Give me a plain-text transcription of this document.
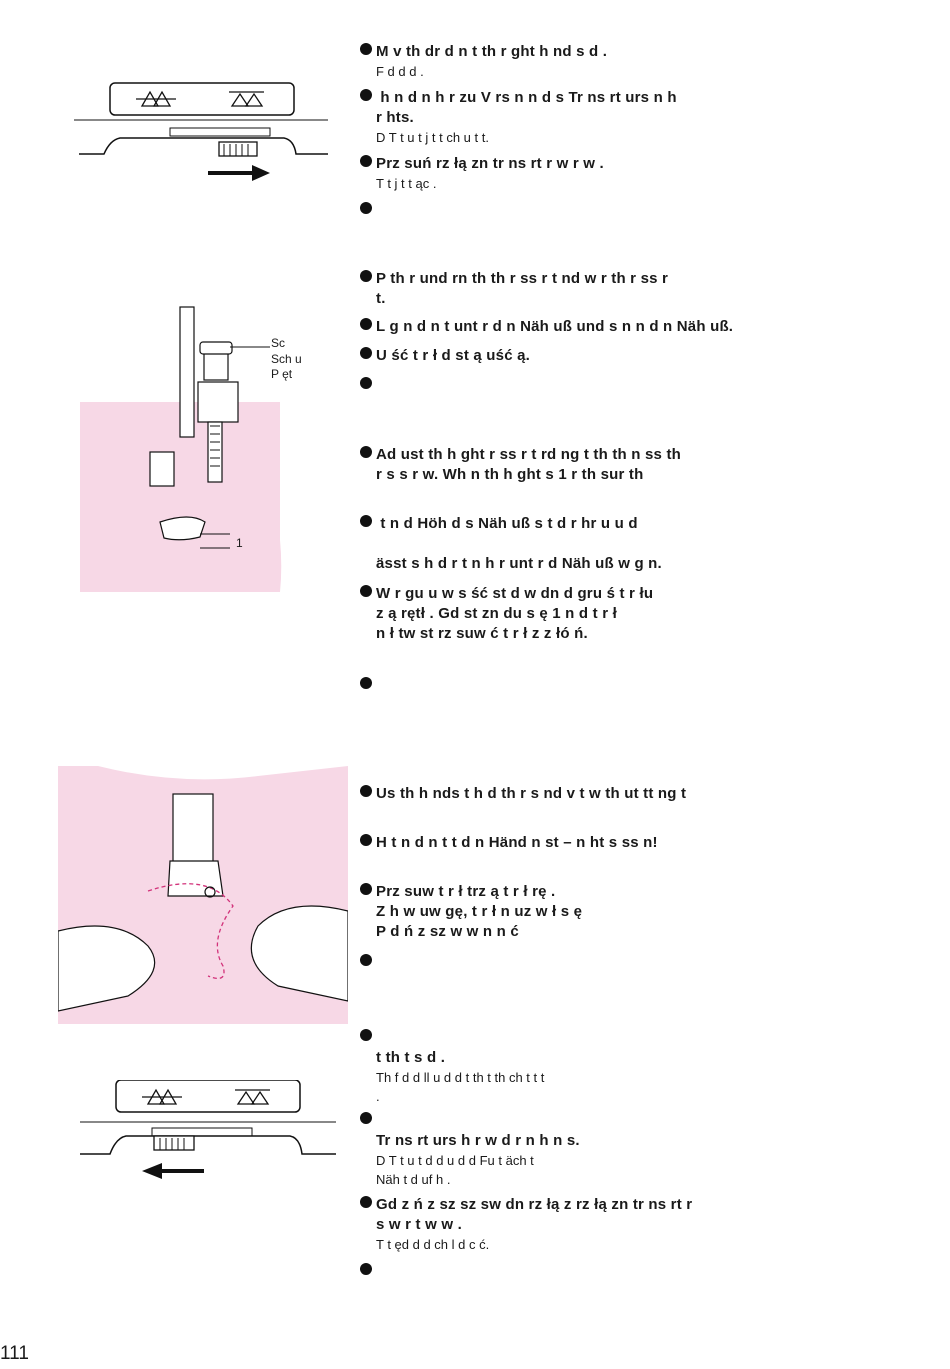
Sc
Sch u
P ęt
1
M v th dr d n t th r ght h nd s d .
F d d d .
h n d n h r zu V rs n n d s Tr ns rt urs n h
r hts.
D T t u t j t t ch u t t.
Prz suń rz łą zn tr ns rt r w r w .
T t j t t ąc .
P th r und rn th th r ss r t nd w r th r ss r
t.
L g n d n t unt r d n Näh uß und s n n d n Näh uß.
U ść t r ł d st ą uść ą.
Ad ust th h ght r ss r t rd ng t th th n ss th
r s s r w. Wh n th h ght s 1 r th sur th
t n d Höh d s Näh uß s t d r hr u u d

ässt s h d r t n h r unt r d Näh uß w g n.
W r gu u w s ść st d w dn d gru ś t r łu
z ą rętł . Gd st zn du s ę 1 n d t r ł
n ł tw st rz suw ć t r ł z z łó ń.
Us th h nds t h d th r s nd v t w th ut tt ng t
H t n d n t t d n Händ n st – n ht s ss n!
Prz suw t r ł trz ą t r ł rę .
Z h w uw gę, t r ł n uz w ł s ę
P d ń z sz w w n n ć

t th t s d .
Th f d d ll u d d t th t th ch t t t
.

Tr ns rt urs h r w d r n h n s.
D T t u t d d u d d Fu t äch t
Näh t d uf h .
Gd z ń z sz sz sw dn rz łą z rz łą zn tr ns rt r
s w r t w w .
T t ęd d d ch l d c ć.
111
